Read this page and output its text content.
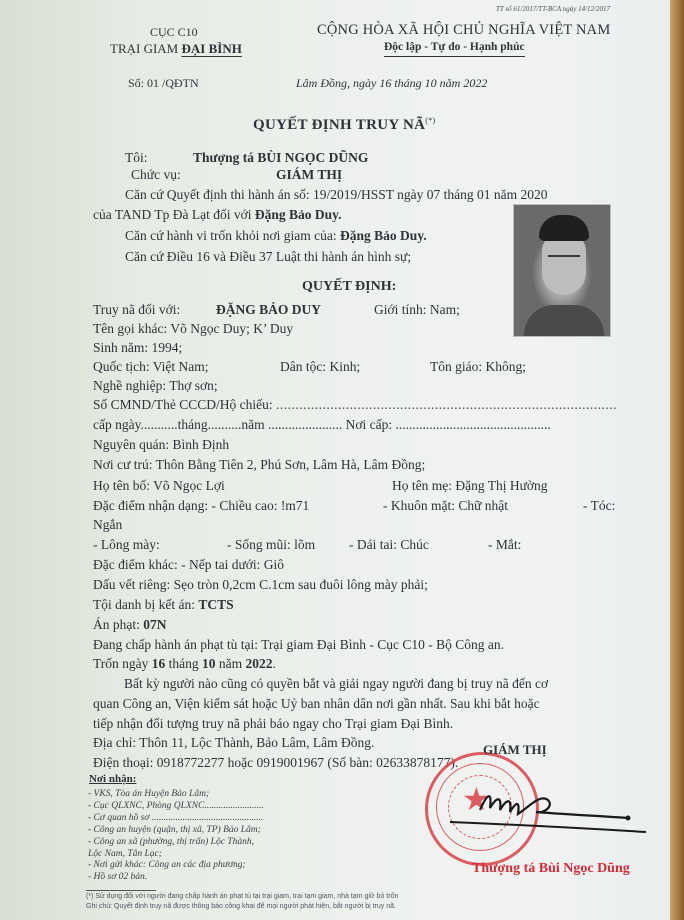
TT số 61/2017/TT-BCA ngày 14/12/2017
CỤC C10
TRẠI GIAM ĐẠI BÌNH
CỘNG HÒA XÃ HỘI CHỦ NGHĨA VIỆT NAM
Độc lập - Tự do - Hạnh phúc
Số: 01 /QĐTN	Lâm Đồng, ngày 16 tháng 10 năm 2022
QUYẾT ĐỊNH TRUY NÃ(*)
Tôi:	Thượng tá BÙI NGỌC DŨNG
Chức vụ:	GIÁM THỊ
Căn cứ Quyết định thi hành án số: 19/2019/HSST ngày 07 tháng 01 năm 2020
của TAND Tp Đà Lạt đối với Đặng Bảo Duy.
Căn cứ hành vi trốn khỏi nơi giam của: Đặng Bảo Duy.
Căn cứ Điều 16 và Điều 37 Luật thi hành án hình sự;
QUYẾT ĐỊNH:
Truy nã đối với:	ĐẶNG BẢO DUY	Giới tính: Nam;
Tên gọi khác: Võ Ngọc Duy; K’ Duy
Sinh năm: 1994;
Quốc tịch: Việt Nam;	Dân tộc: Kinh;	Tôn giáo: Không;
Nghề nghiệp: Thợ sơn;
Số CMND/Thẻ CCCD/Hộ chiếu: ........................................................................................
cấp ngày...........tháng..........năm ...................... Nơi cấp: ..............................................
Nguyên quán: Bình Định
Nơi cư trú: Thôn Bằng Tiên 2, Phú Sơn, Lâm Hà, Lâm Đồng;
Họ tên bố: Võ Ngọc Lợi	Họ tên mẹ: Đặng Thị Hường
Đặc điểm nhận dạng: - Chiều cao: !m71	- Khuôn mặt: Chữ nhật	- Tóc:
Ngắn
- Lông mày:	- Sống mũi: lõm	- Dái tai: Chúc	- Mắt:
Đặc điểm khác: - Nếp tai dưới: Giô
Dấu vết riêng: Sẹo tròn 0,2cm C.1cm sau đuôi lông mày phải;
Tội danh bị kết án: TCTS
Án phạt: 07N
Đang chấp hành án phạt tù tại: Trại giam Đại Bình - Cục C10 - Bộ Công an.
Trốn ngày 16 tháng 10 năm 2022.
Bất kỳ người nào cũng có quyền bắt và giải ngay người đang bị truy nã đến cơ
quan Công an, Viện kiểm sát hoặc Uỷ ban nhân dân nơi gần nhất. Sau khi bắt hoặc
tiếp nhận đối tượng truy nã phải báo ngay cho Trại giam Đại Bình.
Địa chỉ: Thôn 11, Lộc Thành, Bảo Lâm, Lâm Đồng.
Điện thoại: 0918772277 hoặc 0919001967 (Số bàn: 02633878177).
Nơi nhận:
- VKS, Tòa án Huyện Bảo Lâm;
- Cục QLXNC, Phòng QLXNC.........................
- Cơ quan hồ sơ ...............................................
- Công an huyện (quận, thị xã, TP) Bảo Lâm;
- Công an xã (phường, thị trấn) Lộc Thành,
Lộc Nam, Tân Lạc;
- Nơi gửi khác: Công an các địa phương;
- Hồ sơ 02 bản.
(*) Sử dụng đối với người đang chấp hành án phạt tù tại trại giam, trại tạm giam, nhà tạm giữ bỏ trốn
Ghi chú: Quyết định truy nã được thông báo công khai để mọi người phát hiện, bắt người bị truy nã.
★
GIÁM THỊ
Thượng tá Bùi Ngọc Dũng
